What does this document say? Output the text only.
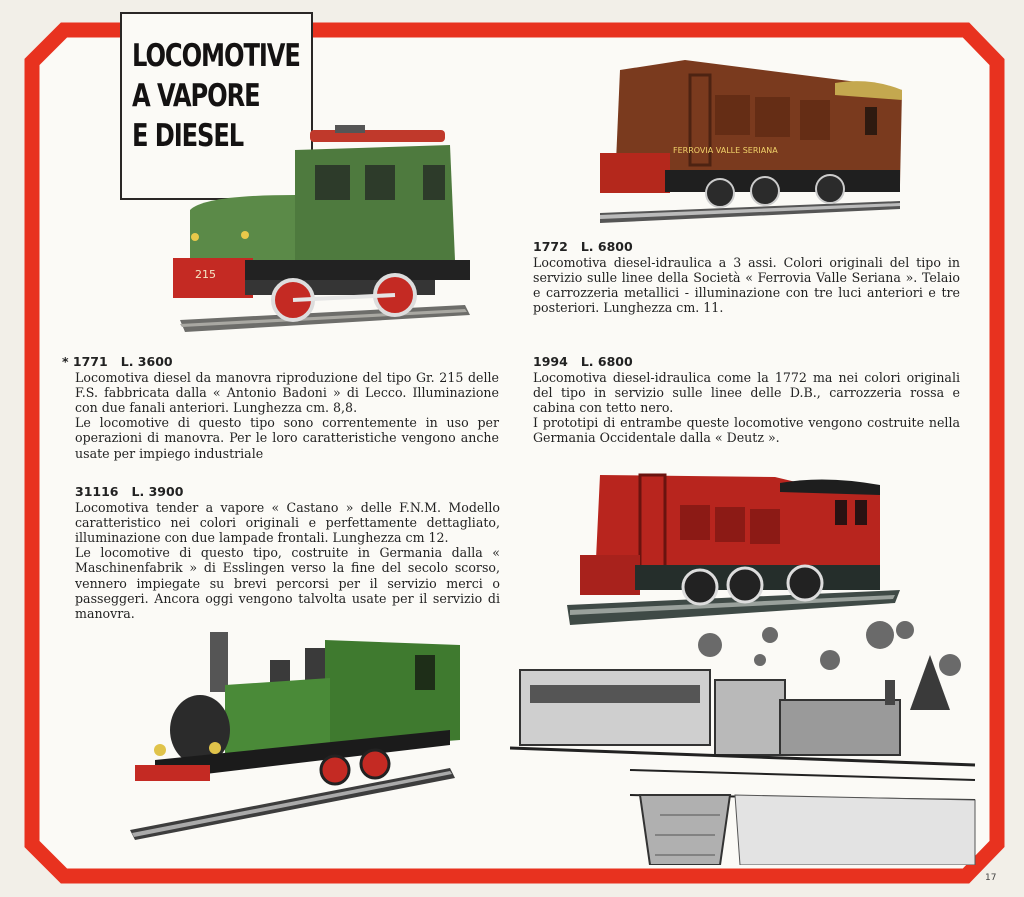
LOCOMOTIVE
A VAPORE
E DIESEL
215
FERROVIA VALLE SERIANA
* 1771   L. 3600

Locomotiva diesel da manovra riproduzione del tipo Gr. 215 delle F.S. fabbricata dalla « Antonio Badoni » di Lecco. Illuminazione con due fanali anteriori. Lunghezza cm. 8,8.

Le locomotive di questo tipo sono correntemente in uso per operazioni di manovra. Per le loro caratteristiche vengono anche usate per impiego industriale

31116   L. 3900

Locomotiva tender a vapore « Castano » delle F.N.M. Modello caratteristico nei colori originali e perfettamente dettagliato, illuminazione con due lampade frontali. Lunghezza cm 12.

Le locomotive di questo tipo, costruite in Germania dalla « Maschinenfabrik » di Esslingen verso la fine del secolo scorso, vennero impiegate su brevi percorsi per il servizio merci o passeggeri. Ancora oggi vengono talvolta usate per il servizio di manovra.

1772   L. 6800

Locomotiva diesel-idraulica a 3 assi. Colori originali del tipo in servizio sulle linee della Società « Ferrovia Valle Seriana ». Telaio e carrozzeria metallici - illuminazione con tre luci anteriori e tre posteriori. Lunghezza cm. 11.

1994   L. 6800

Locomotiva diesel-idraulica come la 1772 ma nei colori originali del tipo in servizio sulle linee delle D.B., carrozzeria rossa e cabina con tetto nero.

I prototipi di entrambe queste locomotive vengono costruite nella Germania Occidentale dalla « Deutz ».

17
